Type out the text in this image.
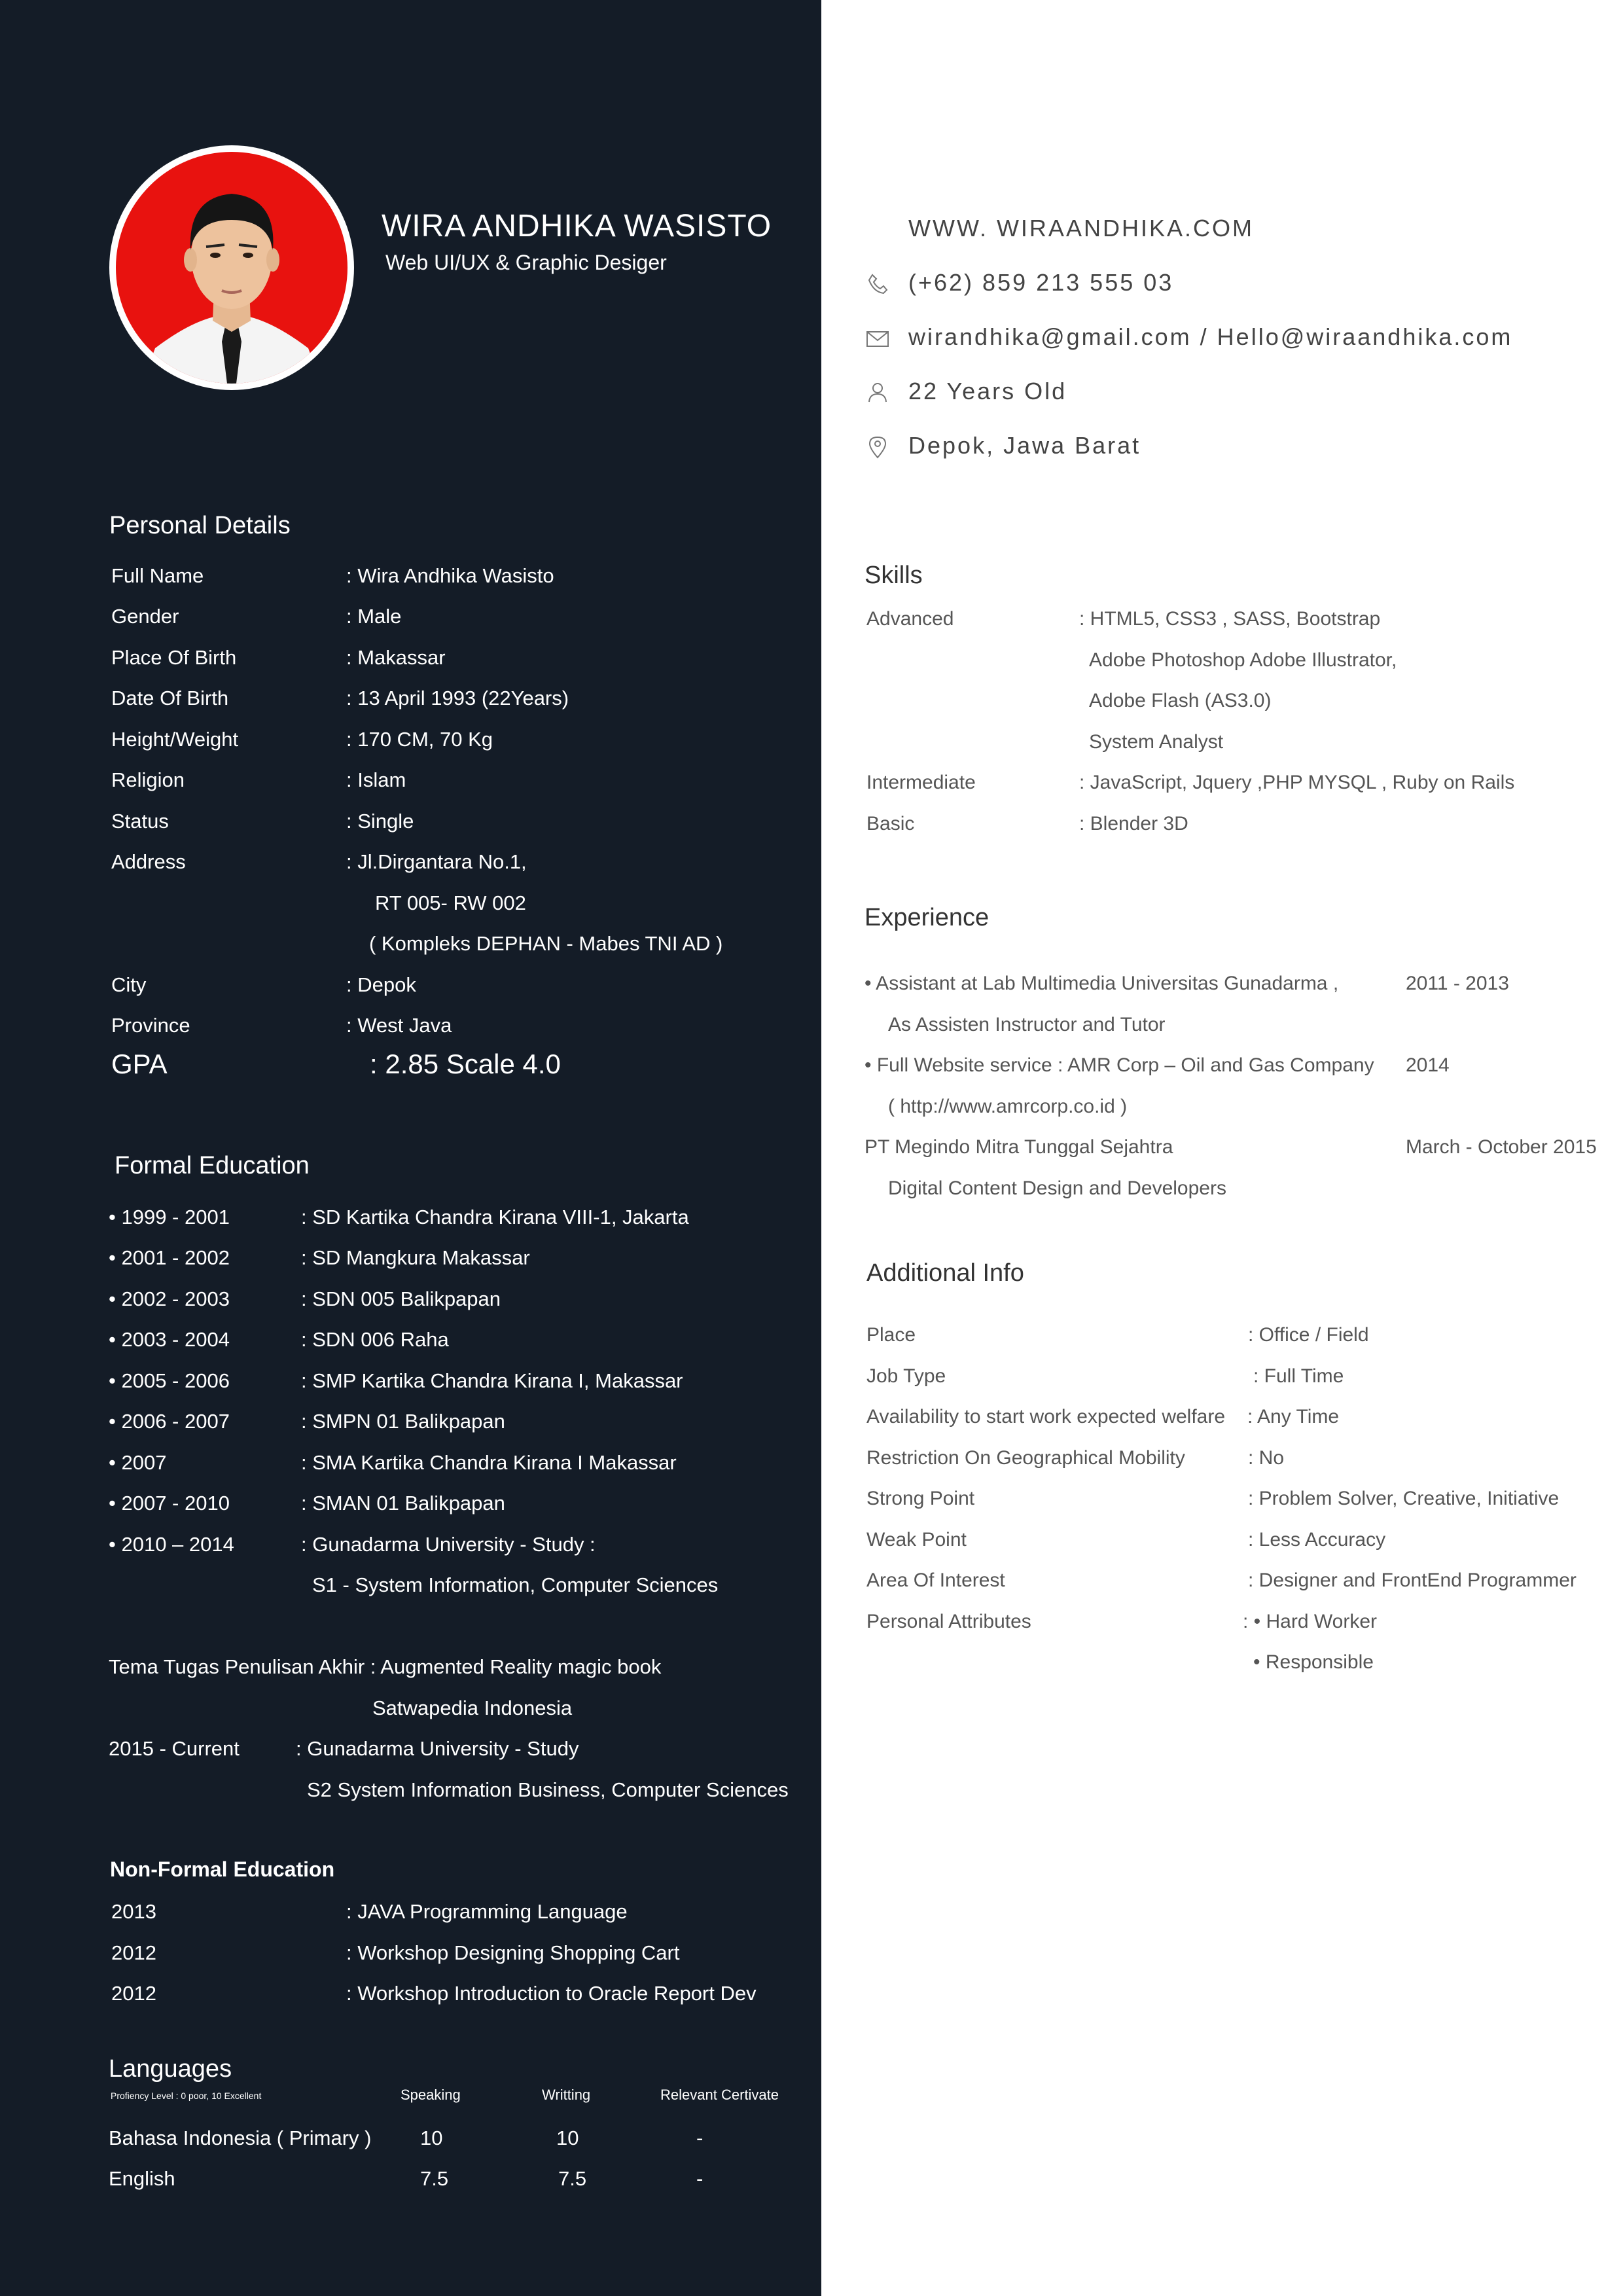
WIRA ANDHIKA WASISTO
Web UI/UX & Graphic Desiger
Personal Details
Full Name	: Wira Andhika Wasisto
Gender	: Male
Place Of Birth	: Makassar
Date Of Birth	: 13 April 1993 (22Years)
Height/Weight	: 170 CM, 70 Kg
Religion	: Islam
Status	: Single
Address	: Jl.Dirgantara No.1,
RT 005- RW 002
( Kompleks DEPHAN - Mabes TNI AD )
City	: Depok
Province	: West Java
GPA	: 2.85 Scale 4.0
Formal Education
• 1999 - 2001	: SD Kartika Chandra Kirana VIII-1, Jakarta
• 2001 - 2002	: SD Mangkura Makassar
• 2002 - 2003	: SDN 005 Balikpapan
• 2003 - 2004	: SDN 006 Raha
• 2005 - 2006	: SMP Kartika Chandra Kirana I, Makassar
• 2006 - 2007	: SMPN 01 Balikpapan
• 2007	: SMA Kartika Chandra Kirana I Makassar
• 2007 - 2010	: SMAN 01 Balikpapan
• 2010 – 2014	: Gunadarma University - Study :
S1 - System Information, Computer Sciences
Tema Tugas Penulisan Akhir : Augmented Reality magic book
Satwapedia Indonesia
2015 - Current	: Gunadarma University - Study
S2 System Information Business, Computer Sciences
Non-Formal Education
2013	: JAVA Programming Language
2012	: Workshop Designing Shopping Cart
2012	: Workshop Introduction to Oracle Report Dev
Languages
Profiency Level : 0 poor, 10 Excellent	Speaking	Writting	Relevant Certivate
Bahasa Indonesia ( Primary ) 10	10	-
English	7.5	7.5	-
WWW. WIRAANDHIKA.COM
(+62) 859 213 555 03
wirandhika@gmail.com / Hello@wiraandhika.com
22 Years Old
Depok, Jawa Barat
Skills
Advanced	: HTML5, CSS3 , SASS, Bootstrap
Adobe Photoshop Adobe Illustrator,
Adobe Flash (AS3.0)
System Analyst
Intermediate	: JavaScript, Jquery ,PHP MYSQL , Ruby on Rails
Basic	: Blender 3D
Experience
• Assistant at Lab Multimedia Universitas Gunadarma ,	2011 - 2013
As Assisten Instructor and Tutor
• Full Website service : AMR Corp – Oil and Gas Company 2014
( http://www.amrcorp.co.id )
PT Megindo Mitra Tunggal Sejahtra	March - October 2015
Digital Content Design and Developers
Additional Info
Place	: Office / Field
Job Type	: Full Time
Availability to start work expected welfare : Any Time
Restriction On Geographical Mobility	: No
Strong Point	: Problem Solver, Creative, Initiative
Weak Point	: Less Accuracy
Area Of Interest	: Designer and FrontEnd Programmer
Personal Attributes	: • Hard Worker
• Responsible
